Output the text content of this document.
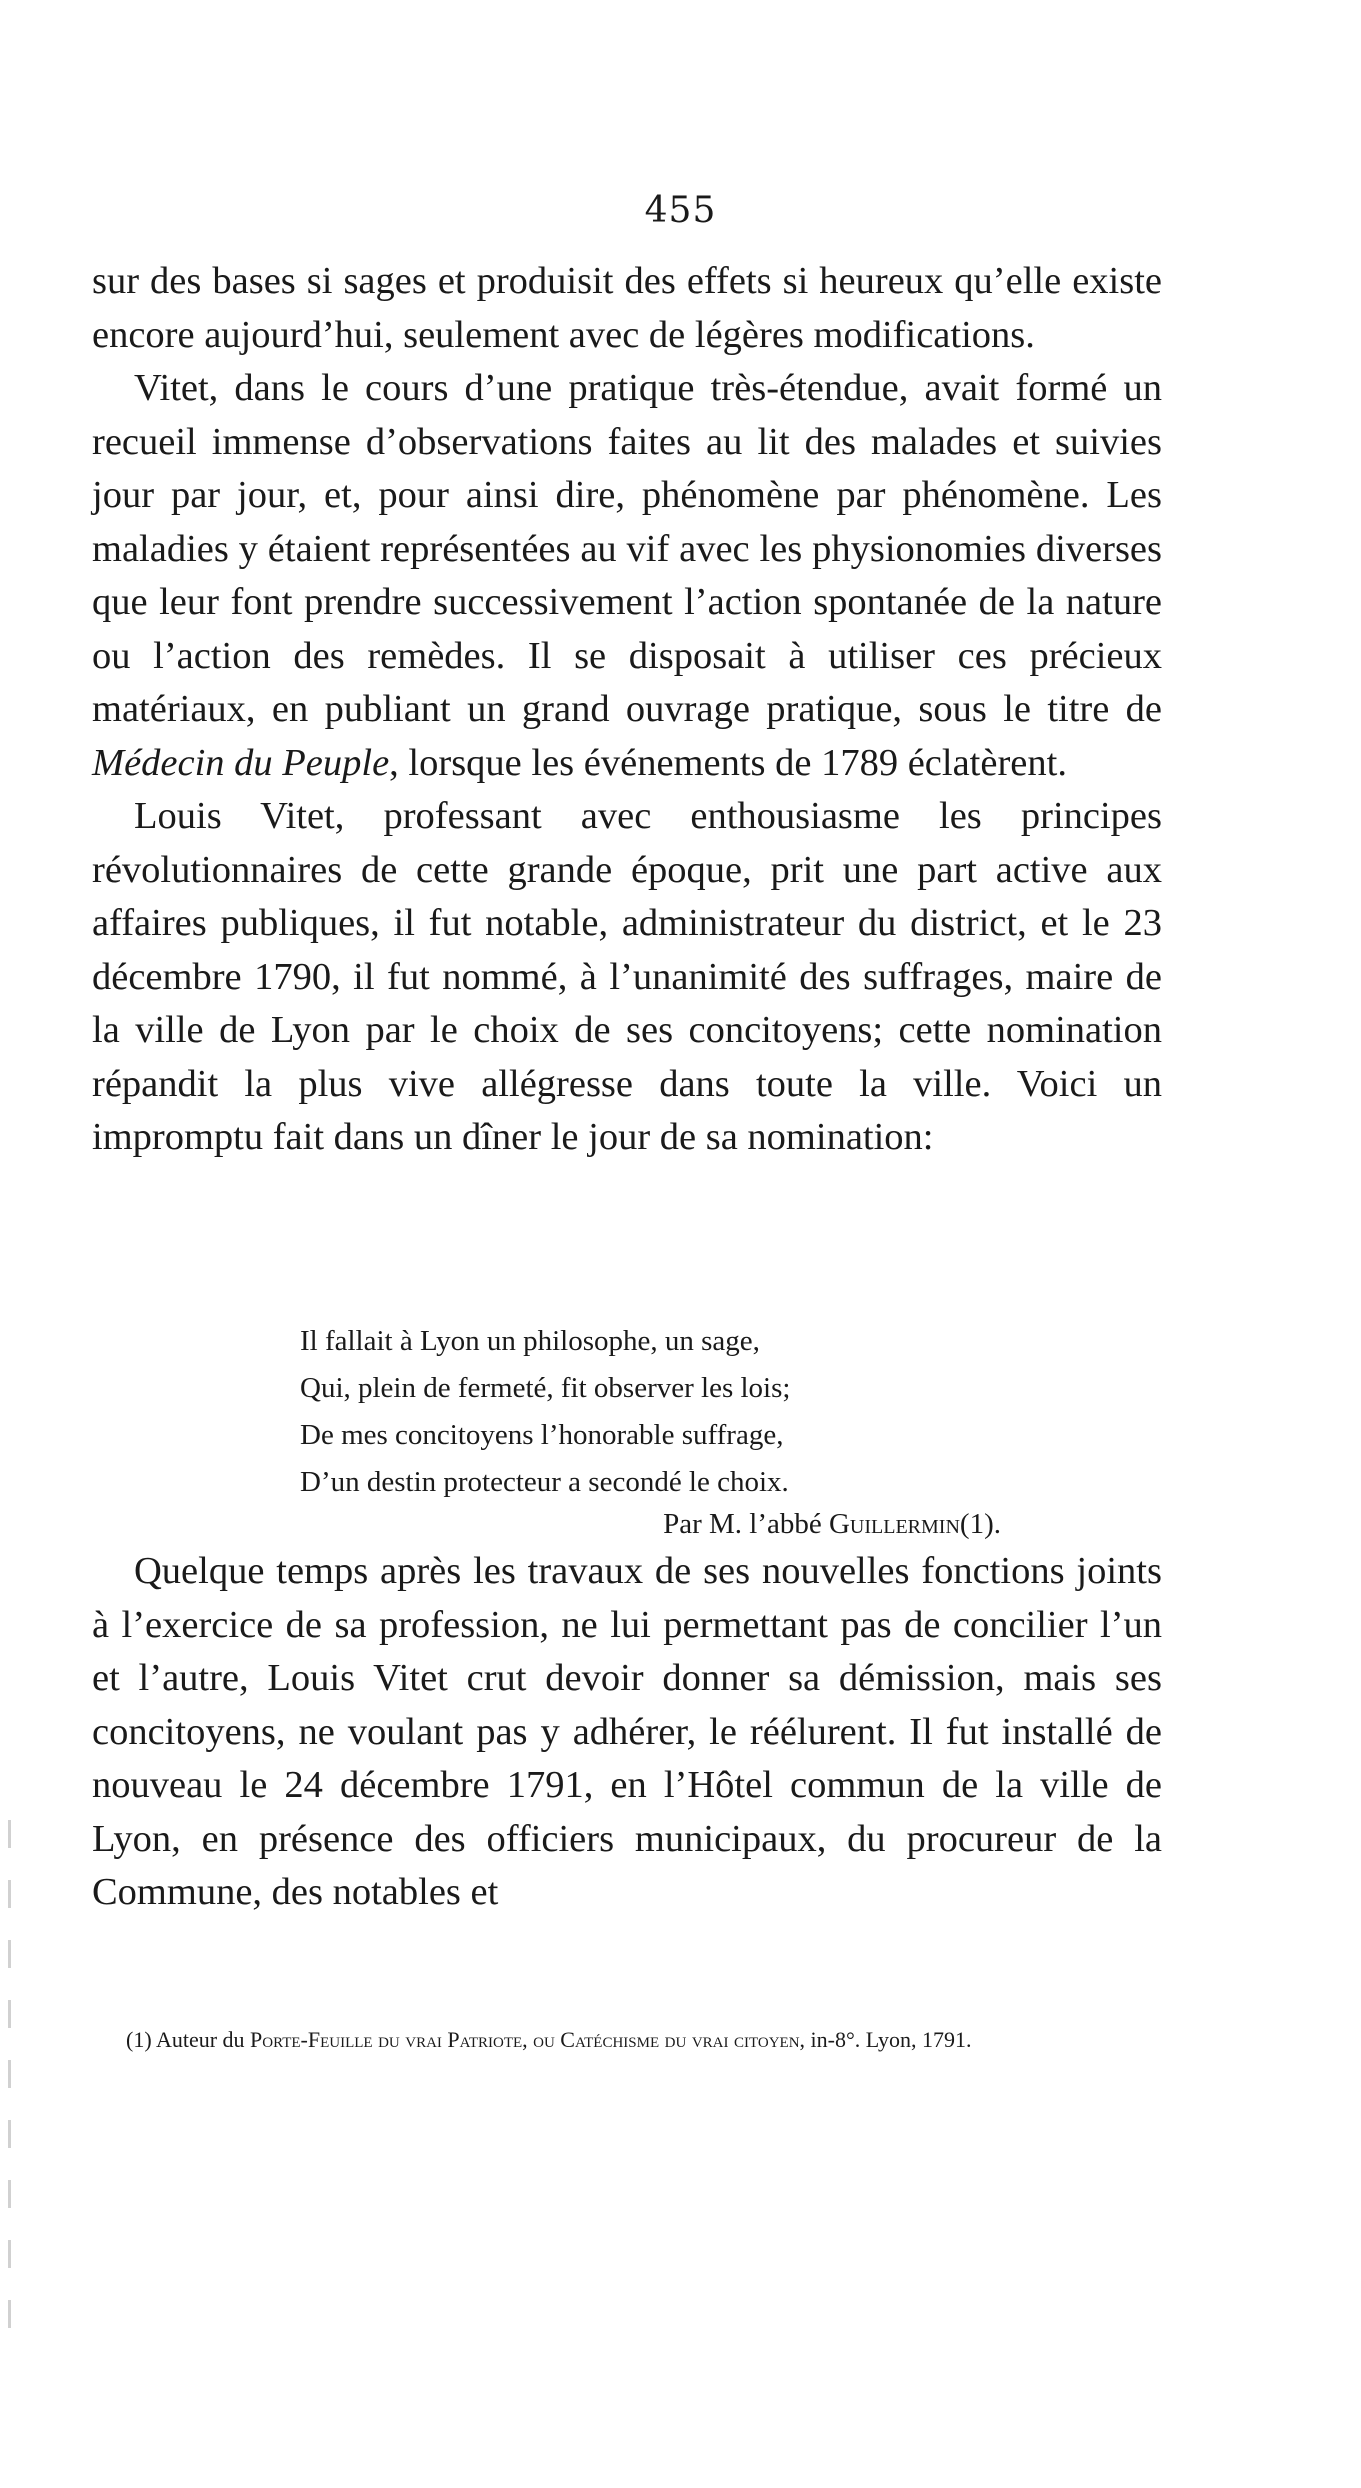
455

sur des bases si sages et produisit des effets si heureux qu’elle existe encore aujourd’hui, seulement avec de légères modifications.

Vitet, dans le cours d’une pratique très-étendue, avait formé un recueil immense d’observations faites au lit des malades et suivies jour par jour, et, pour ainsi dire, phénomène par phénomène. Les maladies y étaient représentées au vif avec les physionomies diverses que leur font prendre successivement l’action spontanée de la nature ou l’action des remèdes. Il se disposait à utiliser ces précieux matériaux, en publiant un grand ouvrage pratique, sous le titre de Médecin du Peuple, lorsque les événements de 1789 éclatèrent.

Louis Vitet, professant avec enthousiasme les principes révolutionnaires de cette grande époque, prit une part active aux affaires publiques, il fut notable, administrateur du district, et le 23 décembre 1790, il fut nommé, à l’unanimité des suffrages, maire de la ville de Lyon par le choix de ses concitoyens; cette nomination répandit la plus vive allégresse dans toute la ville. Voici un impromptu fait dans un dîner le jour de sa nomination:

Il fallait à Lyon un philosophe, un sage,
Qui, plein de fermeté, fit observer les lois;
De mes concitoyens l’honorable suffrage,
D’un destin protecteur a secondé le choix.
Par M. l’abbé Guillermin(1).

Quelque temps après les travaux de ses nouvelles fonctions joints à l’exercice de sa profession, ne lui permettant pas de concilier l’un et l’autre, Louis Vitet crut devoir donner sa démission, mais ses concitoyens, ne voulant pas y adhérer, le réélurent. Il fut installé de nouveau le 24 décembre 1791, en l’Hôtel commun de la ville de Lyon, en présence des officiers municipaux, du procureur de la Commune, des notables et

(1) Auteur du Porte-Feuille du vrai Patriote, ou Catéchisme du vrai citoyen, in-8°. Lyon, 1791.
